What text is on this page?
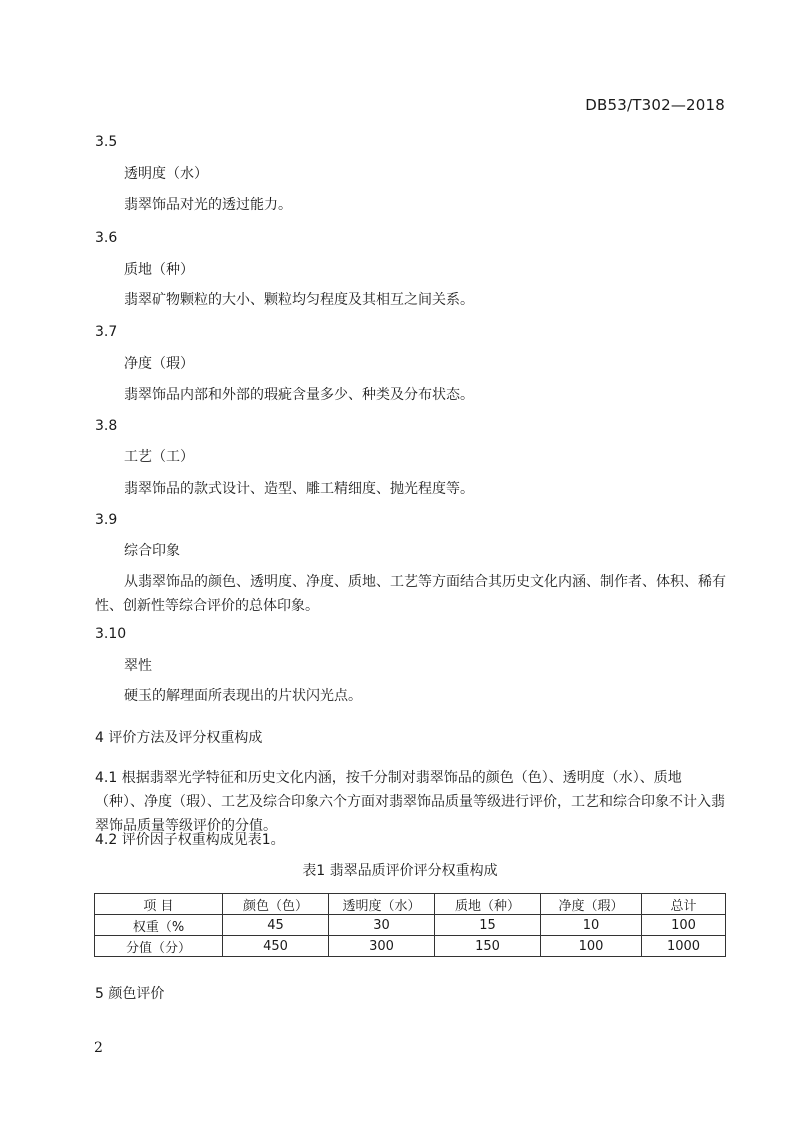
DB53/T302—2018
3.5
透明度（水）
翡翠饰品对光的透过能力。
3.6
质地（种）
翡翠矿物颗粒的大小、颗粒均匀程度及其相互之间关系。
3.7
净度（瑕）
翡翠饰品内部和外部的瑕疵含量多少、种类及分布状态。
3.8
工艺（工）
翡翠饰品的款式设计、造型、雕工精细度、抛光程度等。
3.9
综合印象
从翡翠饰品的颜色、透明度、净度、质地、工艺等方面结合其历史文化内涵、制作者、体积、稀有性、创新性等综合评价的总体印象。
3.10
翠性
硬玉的解理面所表现出的片状闪光点。
4 评价方法及评分权重构成
4.1 根据翡翠光学特征和历史文化内涵，按千分制对翡翠饰品的颜色（色）、透明度（水）、质地（种）、净度（瑕）、工艺及综合印象六个方面对翡翠饰品质量等级进行评价，工艺和综合印象不计入翡翠饰品质量等级评价的分值。
4.2 评价因子权重构成见表1。
表1 翡翠品质评价评分权重构成
项 目	颜色（色）	透明度（水）	质地（种）	净度（瑕）	总计
权重（%	45	30	15	10	100
分值（分）	450	300	150	100	1000
5 颜色评价
2
